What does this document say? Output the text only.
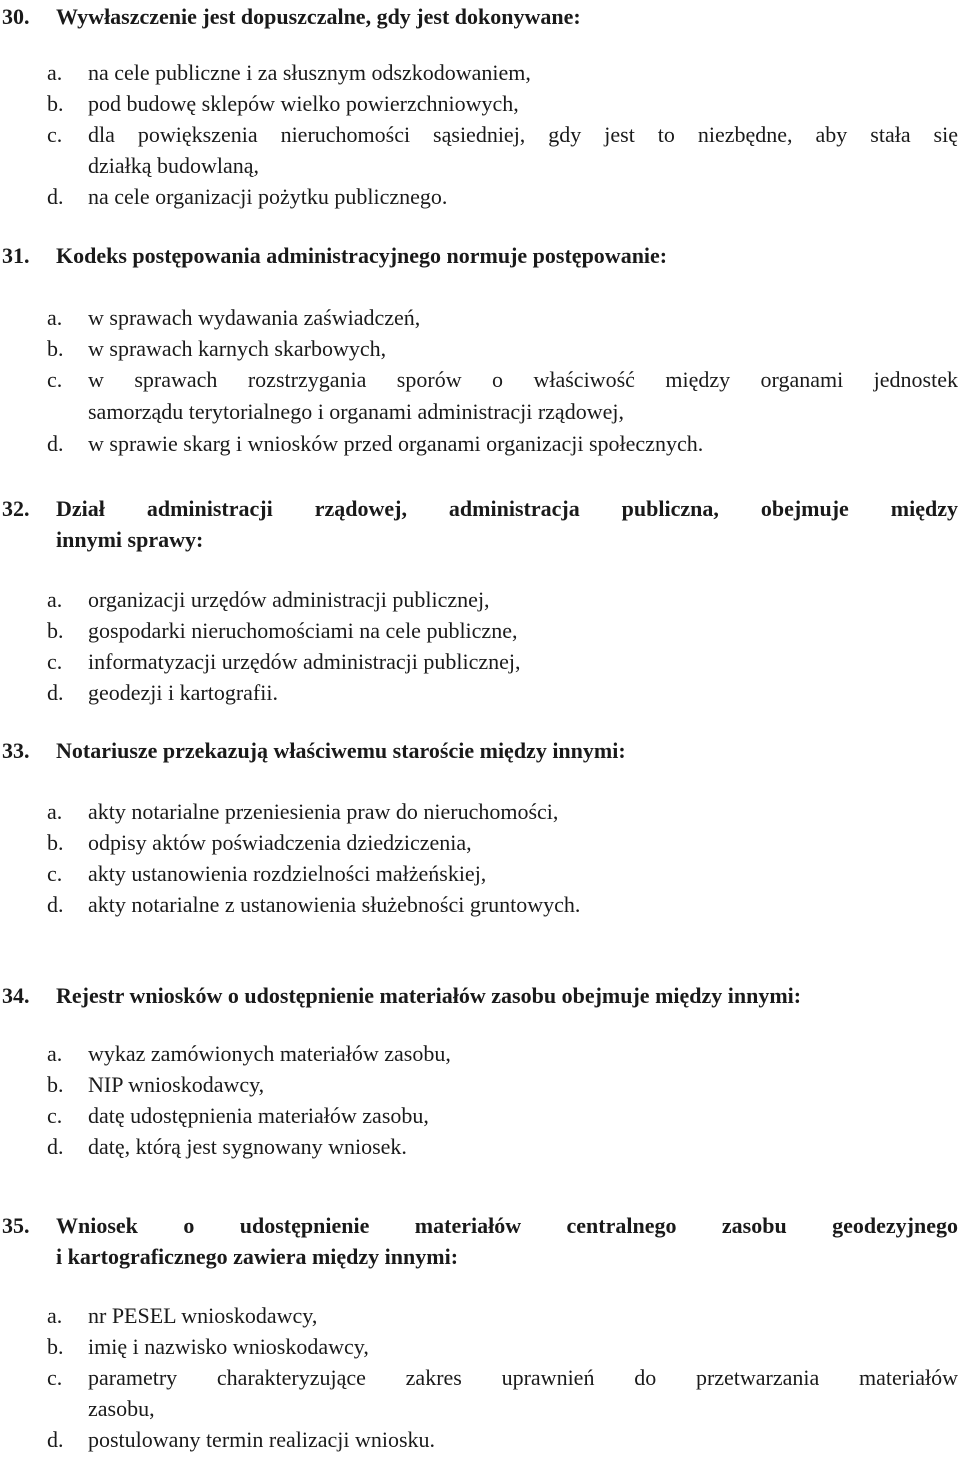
30.	Wywłaszczenie jest dopuszczalne, gdy jest dokonywane:
a.	na cele publiczne i za słusznym odszkodowaniem,
b.	pod budowę sklepów wielko powierzchniowych,
c.	dla powiększenia nieruchomości sąsiedniej, gdy jest to niezbędne, aby stała się
działką budowlaną,
d.	na cele organizacji pożytku publicznego.
31.	Kodeks postępowania administracyjnego normuje postępowanie:
a.	w sprawach wydawania zaświadczeń,
b.	w sprawach karnych skarbowych,
c.	w sprawach rozstrzygania sporów o właściwość między organami jednostek
samorządu terytorialnego i organami administracji rządowej,
d.	w sprawie skarg i wniosków przed organami organizacji społecznych.
32.	Dział administracji rządowej, administracja publiczna, obejmuje między
innymi sprawy:
a.	organizacji urzędów administracji publicznej,
b.	gospodarki nieruchomościami na cele publiczne,
c.	informatyzacji urzędów administracji publicznej,
d.	geodezji i kartografii.
33.	Notariusze przekazują właściwemu staroście między innymi:
a.	akty notarialne przeniesienia praw do nieruchomości,
b.	odpisy aktów poświadczenia dziedziczenia,
c.	akty ustanowienia rozdzielności małżeńskiej,
d.	akty notarialne z ustanowienia służebności gruntowych.
34.	Rejestr wniosków o udostępnienie materiałów zasobu obejmuje między innymi:
a.	wykaz zamówionych materiałów zasobu,
b.	NIP wnioskodawcy,
c.	datę udostępnienia materiałów zasobu,
d.	datę, którą jest sygnowany wniosek.
35.	Wniosek o udostępnienie materiałów centralnego zasobu geodezyjnego
i kartograficznego zawiera między innymi:
a.	nr PESEL wnioskodawcy,
b.	imię i nazwisko wnioskodawcy,
c.	parametry charakteryzujące zakres uprawnień do przetwarzania materiałów
zasobu,
d.	postulowany termin realizacji wniosku.
